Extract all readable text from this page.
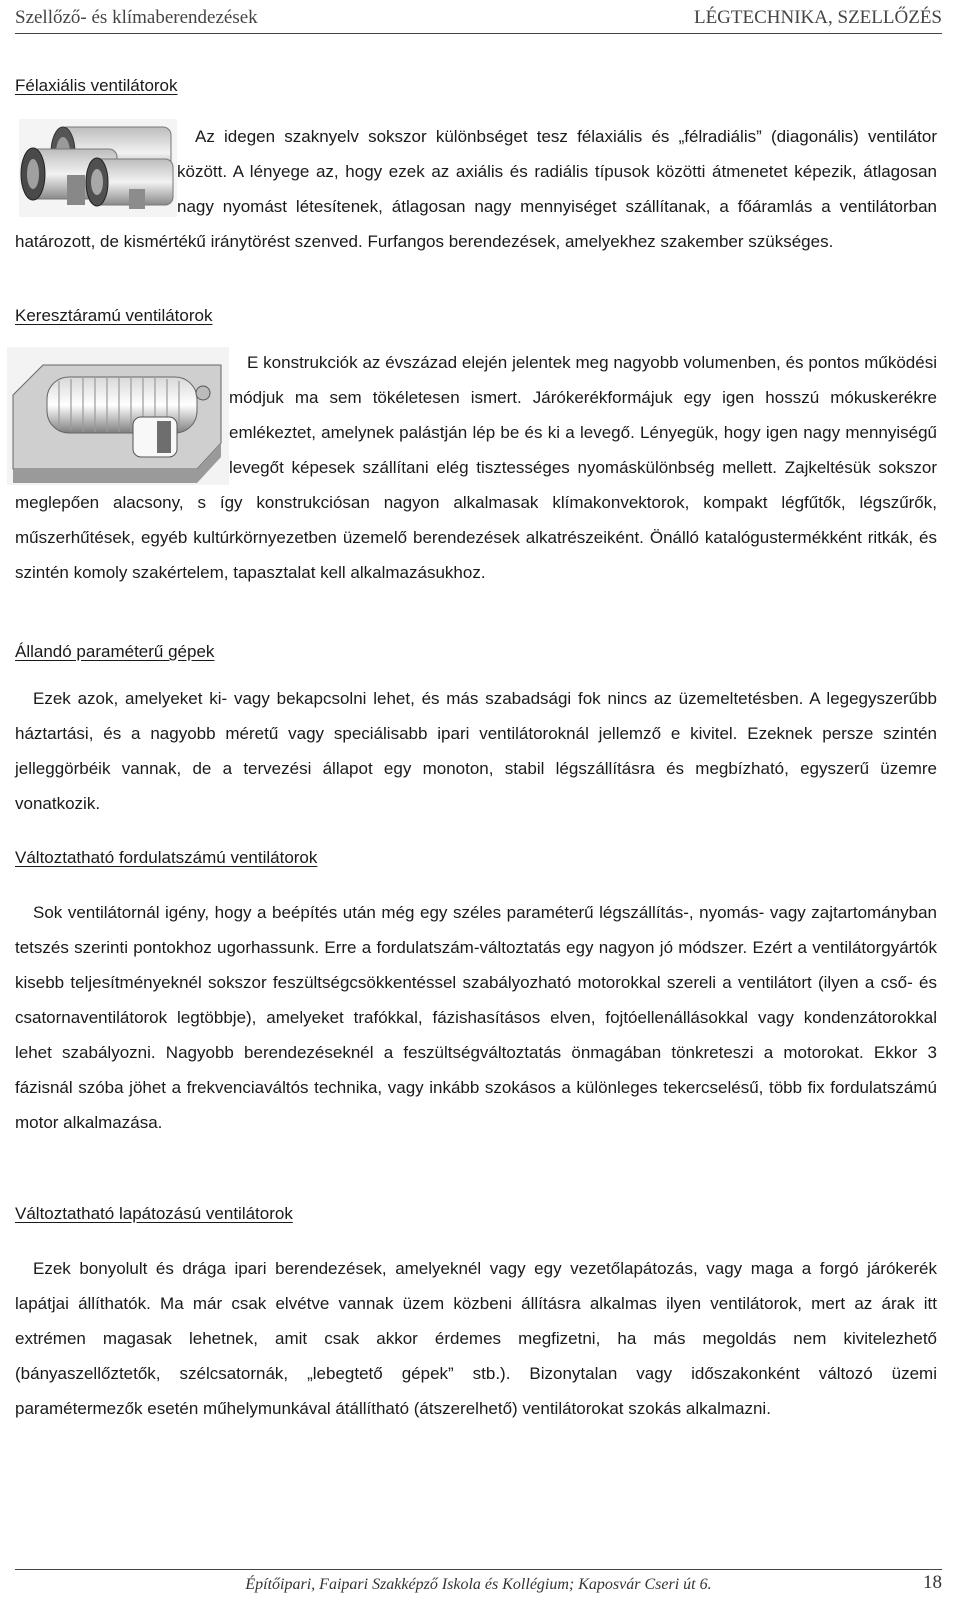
Szellőző- és klímaberendezések	LÉGTECHNIKA, SZELLŐZÉS
Félaxiális ventilátorok

Az idegen szaknyelv sokszor különbséget tesz félaxiális és „félradiális” (diagonális) ventilátor között. A lényege az, hogy ezek az axiális és radiális típusok közötti átmenetet képezik, átlagosan nagy nyomást létesítenek, átlagosan nagy mennyiséget szállítanak, a főáramlás a ventilátorban határozott, de kismértékű iránytörést szenved. Furfangos berendezések, amelyekhez szakember szükséges.

Keresztáramú ventilátorok

E konstrukciók az évszázad elején jelentek meg nagyobb volumenben, és pontos működési módjuk ma sem tökéletesen ismert. Járókerékformájuk egy igen hosszú mókuskerékre emlékeztet, amelynek palástján lép be és ki a levegő. Lényegük, hogy igen nagy mennyiségű levegőt képesek szállítani elég tisztességes nyomáskülönbség mellett. Zajkeltésük sokszor meglepően alacsony, s így konstrukciósan nagyon alkalmasak klímakonvektorok, kompakt légfűtők, légszűrők, műszerhűtések, egyéb kultúrkörnyezetben üzemelő berendezések alkatrészeiként. Önálló katalógustermékként ritkák, és szintén komoly szakértelem, tapasztalat kell alkalmazásukhoz.

Állandó paraméterű gépek

Ezek azok, amelyeket ki- vagy bekapcsolni lehet, és más szabadsági fok nincs az üzemeltetésben. A legegyszerűbb háztartási, és a nagyobb méretű vagy speciálisabb ipari ventilátoroknál jellemző e kivitel. Ezeknek persze szintén jelleggörbéik vannak, de a tervezési állapot egy monoton, stabil légszállításra és megbízható, egyszerű üzemre vonatkozik.

Változtatható fordulatszámú ventilátorok

Sok ventilátornál igény, hogy a beépítés után még egy széles paraméterű légszállítás-, nyomás- vagy zajtartományban tetszés szerinti pontokhoz ugorhassunk. Erre a fordulatszám-változtatás egy nagyon jó módszer. Ezért a ventilátorgyártók kisebb teljesítményeknél sokszor feszültségcsökkentéssel szabályozható motorokkal szereli a ventilátort (ilyen a cső- és csatornaventilátorok legtöbbje), amelyeket trafókkal, fázishasításos elven, fojtóellenállásokkal vagy kondenzátorokkal lehet szabályozni. Nagyobb berendezéseknél a feszültségváltoztatás önmagában tönkreteszi a motorokat. Ekkor 3 fázisnál szóba jöhet a frekvenciaváltós technika, vagy inkább szokásos a különleges tekercselésű, több fix fordulatszámú motor alkalmazása.

Változtatható lapátozású ventilátorok

Ezek bonyolult és drága ipari berendezések, amelyeknél vagy egy vezetőlapátozás, vagy maga a forgó járókerék lapátjai állíthatók. Ma már csak elvétve vannak üzem közbeni állításra alkalmas ilyen ventilátorok, mert az árak itt extrémen magasak lehetnek, amit csak akkor érdemes megfizetni, ha más megoldás nem kivitelezhető (bányaszellőztetők, szélcsatornák, „lebegtető gépek” stb.). Bizonytalan vagy időszakonként változó üzemi paramétermezők esetén műhelymunkával átállítható (átszerelhető) ventilátorokat szokás alkalmazni.

Építőipari, Faipari Szakképző Iskola és Kollégium; Kaposvár Cseri út 6.	18
